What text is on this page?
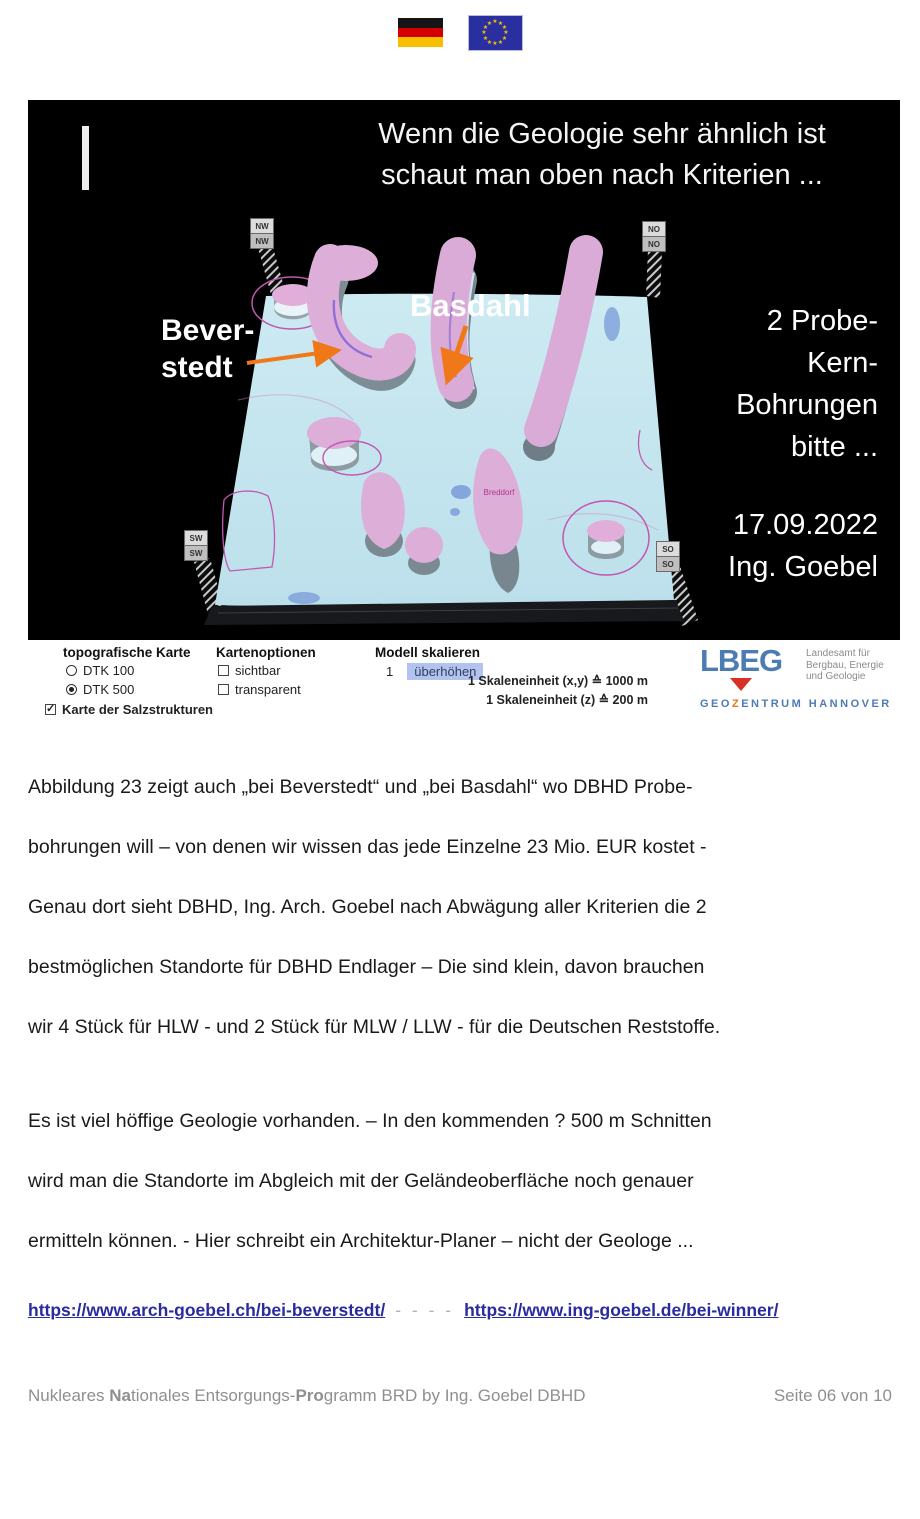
★
★
★
★
★
★
★
★
★ ★ ★
★
Breddorf
NW
NW
NO
NO
SW
SW	SO
SO
Wenn die Geologie sehr ähnlich ist
schaut man oben nach Kriterien ...
Bever-
stedt
Basdahl	2 Probe-
Kern-
Bohrungen
bitte ...
17.09.2022
Ing. Goebel
topografische Karte
DTK 100
DTK 500
✓
Karte der Salzstrukturen
Kartenoptionen
sichtbar
transparent
Modell skalieren
1	überhöhen
1 Skaleneinheit (x,y) ≙ 1000 m
1 Skaleneinheit (z) ≙ 200 m
LBEG	Landesamt für
Bergbau, Energie
und Geologie
GEOZENTRUM HANNOVER
Abbildung 23 zeigt auch „bei Beverstedt“ und „bei Basdahl“ wo DBHD Probe-
bohrungen will – von denen wir wissen das jede Einzelne 23 Mio. EUR kostet -
Genau dort sieht DBHD, Ing. Arch. Goebel nach Abwägung aller Kriterien die 2
bestmöglichen Standorte für DBHD Endlager – Die sind klein, davon brauchen
wir 4 Stück für HLW - und 2 Stück für MLW / LLW - für die Deutschen Reststoffe.
Es ist viel höffige Geologie vorhanden. – In den kommenden ? 500 m Schnitten
wird man die Standorte im Abgleich mit der Geländeoberfläche noch genauer
ermitteln können. - Hier schreibt ein Architektur-Planer – nicht der Geologe ...
https://www.arch-goebel.ch/bei-beverstedt/ - - - - https://www.ing-goebel.de/bei-winner/
Nukleares Nationales Entsorgungs-Programm BRD by Ing. Goebel DBHD	Seite 06 von 10
